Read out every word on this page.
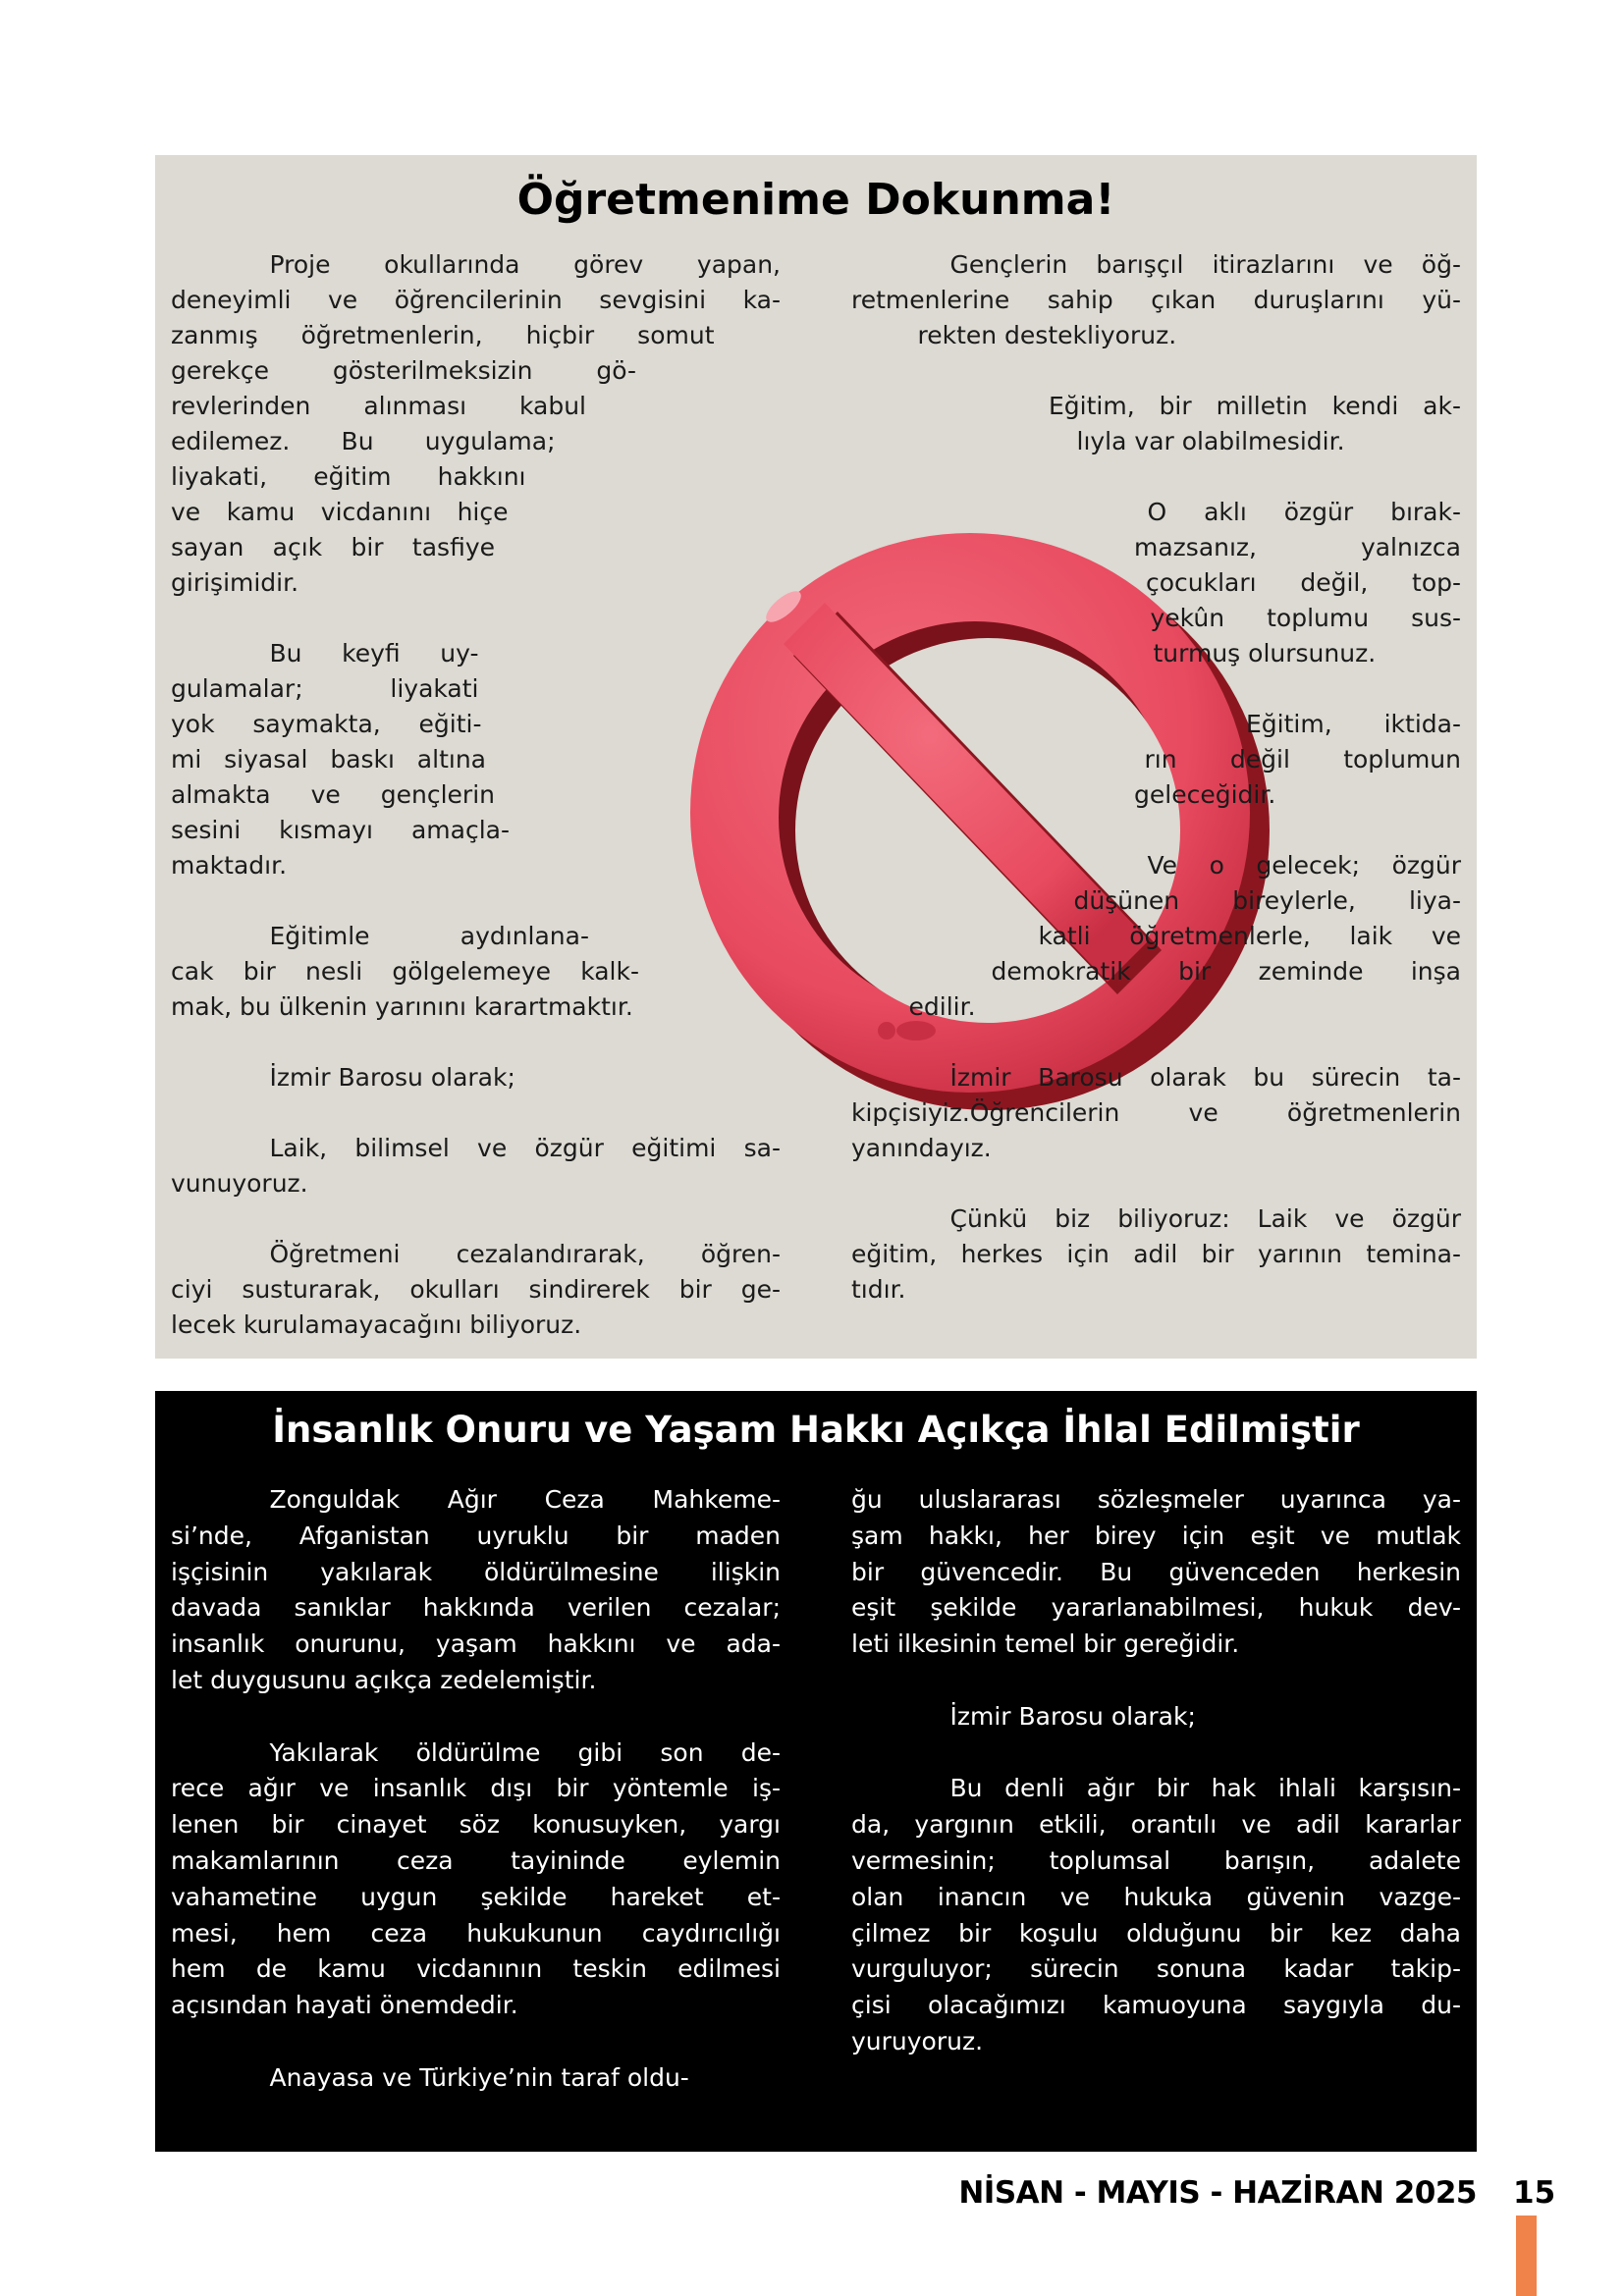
Öğretmenime Dokunma!
Proje okullarında görev yapan,
deneyimli ve öğrencilerinin sevgisini ka-
zanmış öğretmenlerin, hiçbir somut
gerekçe gösterilmeksizin gö-
revlerinden alınması kabul
edilemez. Bu uygulama;
liyakati, eğitim hakkını
ve kamu vicdanını hiçe
sayan açık bir tasfiye
girişimidir.
Bu keyfi uy-
gulamalar; liyakati
yok saymakta, eğiti-
mi siyasal baskı altına
almakta ve gençlerin
sesini kısmayı amaçla-
maktadır.
Eğitimle aydınlana-
cak bir nesli gölgelemeye kalk-
mak, bu ülkenin yarınını karartmaktır.
İzmir Barosu olarak;
Laik, bilimsel ve özgür eğitimi sa-
vunuyoruz.
Öğretmeni cezalandırarak, öğren-
ciyi susturarak, okulları sindirerek bir ge-
lecek kurulamayacağını biliyoruz.
Gençlerin barışçıl itirazlarını ve öğ-
retmenlerine sahip çıkan duruşlarını yü-
rekten destekliyoruz.
Eğitim, bir milletin kendi ak-
lıyla var olabilmesidir.
O aklı özgür bırak-
mazsanız, yalnızca
çocukları değil, top-
yekûn toplumu sus-
turmuş olursunuz.
Eğitim, iktida-
rın değil toplumun
geleceğidir.
Ve o gelecek; özgür
düşünen bireylerle, liya-
katli öğretmenlerle, laik ve
demokratik bir zeminde inşa
edilir.
İzmir Barosu olarak bu sürecin ta-
kipçisiyiz.Öğrencilerin ve öğretmenlerin
yanındayız.
Çünkü biz biliyoruz: Laik ve özgür
eğitim, herkes için adil bir yarının temina-
tıdır.
İnsanlık Onuru ve Yaşam Hakkı Açıkça İhlal Edilmiştir
Zonguldak Ağır Ceza Mahkeme-
si’nde, Afganistan uyruklu bir maden
işçisinin yakılarak öldürülmesine ilişkin
davada sanıklar hakkında verilen cezalar;
insanlık onurunu, yaşam hakkını ve ada-
let duygusunu açıkça zedelemiştir.
Yakılarak öldürülme gibi son de-
rece ağır ve insanlık dışı bir yöntemle iş-
lenen bir cinayet söz konusuyken, yargı
makamlarının ceza tayininde eylemin
vahametine uygun şekilde hareket et-
mesi, hem ceza hukukunun caydırıcılığı
hem de kamu vicdanının teskin edilmesi
açısından hayati önemdedir.
Anayasa ve Türkiye’nin taraf oldu-
ğu uluslararası sözleşmeler uyarınca ya-
şam hakkı, her birey için eşit ve mutlak
bir güvencedir. Bu güvenceden herkesin
eşit şekilde yararlanabilmesi, hukuk dev-
leti ilkesinin temel bir gereğidir.
İzmir Barosu olarak;
Bu denli ağır bir hak ihlali karşısın-
da, yargının etkili, orantılı ve adil kararlar
vermesinin; toplumsal barışın, adalete
olan inancın ve hukuka güvenin vazge-
çilmez bir koşulu olduğunu bir kez daha
vurguluyor; sürecin sonuna kadar takip-
çisi olacağımızı kamuoyuna saygıyla du-
yuruyoruz.
NİSAN - MAYIS - HAZİRAN 2025 15
